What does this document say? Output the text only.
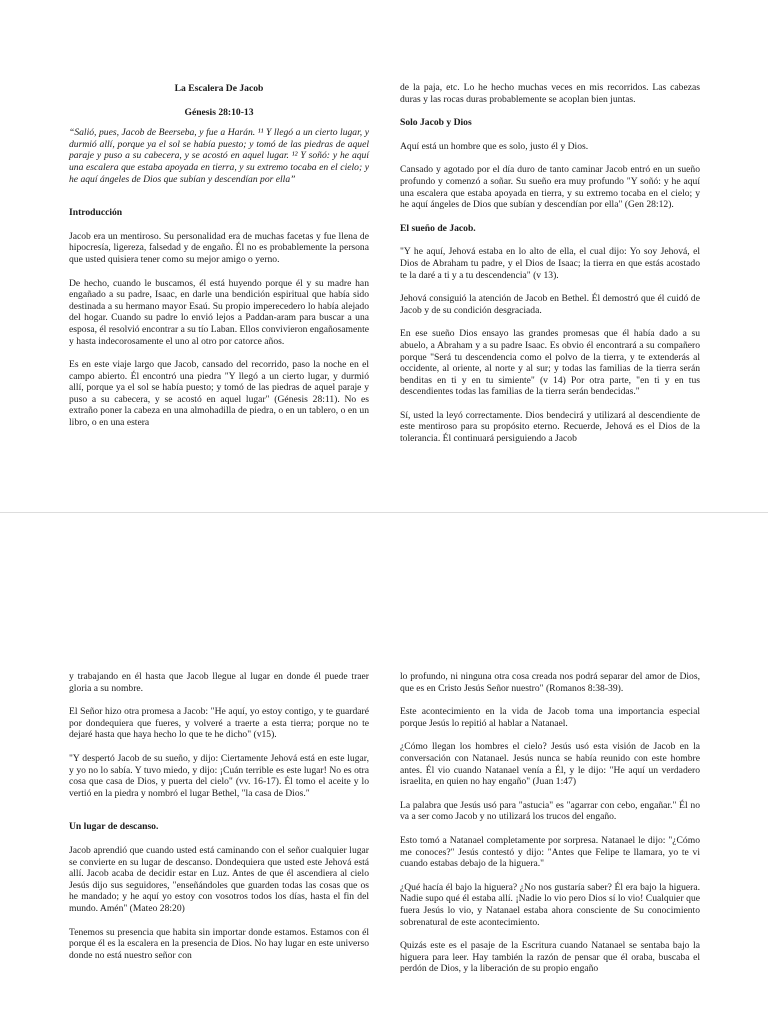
La Escalera De Jacob

Génesis 28:10-13

“Salió, pues, Jacob de Beerseba, y fue a Harán. ¹¹ Y llegó a un cierto lugar, y durmió allí, porque ya el sol se había puesto; y tomó de las piedras de aquel paraje y puso a su cabecera, y se acostó en aquel lugar. ¹² Y soñó: y he aquí una escalera que estaba apoyada en tierra, y su extremo tocaba en el cielo; y he aquí ángeles de Dios que subían y descendían por ella”

Introducción

Jacob era un mentiroso. Su personalidad era de muchas facetas y fue llena de hipocresía, ligereza, falsedad y de engaño. Él no es probablemente la persona que usted quisiera tener como su mejor amigo o yerno.

De hecho, cuando le buscamos, él está huyendo porque él y su madre han engañado a su padre, Isaac, en darle una bendición espiritual que había sido destinada a su hermano mayor Esaú. Su propio imperecedero lo había alejado del hogar. Cuando su padre lo envió lejos a Paddan-aram para buscar a una esposa, él resolvió encontrar a su tío Laban. Ellos convivieron engañosamente y hasta indecorosamente el uno al otro por catorce años.

Es en este viaje largo que Jacob, cansado del recorrido, paso la noche en el campo abierto. Él encontró una piedra "Y llegó a un cierto lugar, y durmió allí, porque ya el sol se había puesto; y tomó de las piedras de aquel paraje y puso a su cabecera, y se acostó en aquel lugar" (Génesis 28:11). No es extraño poner la cabeza en una almohadilla de piedra, o en un tablero, o en un libro, o en una estera

de la paja, etc. Lo he hecho muchas veces en mis recorridos. Las cabezas duras y las rocas duras probablemente se acoplan bien juntas.

Solo Jacob y Dios

Aquí está un hombre que es solo, justo él y Dios.

Cansado y agotado por el día duro de tanto caminar Jacob entró en un sueño profundo y comenzó a soñar. Su sueño era muy profundo "Y soñó: y he aquí una escalera que estaba apoyada en tierra, y su extremo tocaba en el cielo; y he aquí ángeles de Dios que subían y descendían por ella" (Gen 28:12).

El sueño de Jacob.

"Y he aquí, Jehová estaba en lo alto de ella, el cual dijo: Yo soy Jehová, el Dios de Abraham tu padre, y el Dios de Isaac; la tierra en que estás acostado te la daré a ti y a tu descendencia" (v 13).

Jehová consiguió la atención de Jacob en Bethel. Él demostró que él cuidó de Jacob y de su condición desgraciada.

En ese sueño Dios ensayo las grandes promesas que él había dado a su abuelo, a Abraham y a su padre Isaac. Es obvio él encontrará a su compañero porque "Será tu descendencia como el polvo de la tierra, y te extenderás al occidente, al oriente, al norte y al sur; y todas las familias de la tierra serán benditas en ti y en tu simiente" (v 14) Por otra parte, "en ti y en tus descendientes todas las familias de la tierra serán bendecidas."

Sí, usted la leyó correctamente. Dios bendecirá y utilizará al descendiente de este mentiroso para su propósito eterno. Recuerde, Jehová es el Dios de la tolerancia. Él continuará persiguiendo a Jacob

y trabajando en él hasta que Jacob llegue al lugar en donde él puede traer gloria a su nombre.

El Señor hizo otra promesa a Jacob: "He aquí, yo estoy contigo, y te guardaré por dondequiera que fueres, y volveré a traerte a esta tierra; porque no te dejaré hasta que haya hecho lo que te he dicho" (v15).

"Y despertó Jacob de su sueño, y dijo: Ciertamente Jehová está en este lugar, y yo no lo sabía. Y tuvo miedo, y dijo: ¡Cuán terrible es este lugar! No es otra cosa que casa de Dios, y puerta del cielo" (vv. 16-17). Él tomo el aceite y lo vertió en la piedra y nombró el lugar Bethel, "la casa de Dios."

Un lugar de descanso.

Jacob aprendió que cuando usted está caminando con el señor cualquier lugar se convierte en su lugar de descanso. Dondequiera que usted este Jehová está allí. Jacob acaba de decidir estar en Luz. Antes de que él ascendiera al cielo Jesús dijo sus seguidores, "enseñándoles que guarden todas las cosas que os he mandado; y he aquí yo estoy con vosotros todos los días, hasta el fin del mundo. Amén" (Mateo 28:20)

Tenemos su presencia que habita sin importar donde estamos. Estamos con él porque él es la escalera en la presencia de Dios. No hay lugar en este universo donde no está nuestro señor con

lo profundo, ni ninguna otra cosa creada nos podrá separar del amor de Dios, que es en Cristo Jesús Señor nuestro" (Romanos 8:38-39).

Este acontecimiento en la vida de Jacob toma una importancia especial porque Jesús lo repitió al hablar a Natanael.

¿Cómo llegan los hombres el cielo? Jesús usó esta visión de Jacob en la conversación con Natanael. Jesús nunca se había reunido con este hombre antes. Él vio cuando Natanael venía a Él, y le dijo: "He aquí un verdadero israelita, en quien no hay engaño" (Juan 1:47)

La palabra que Jesús usó para "astucia" es "agarrar con cebo, engañar." Él no va a ser como Jacob y no utilizará los trucos del engaño.

Esto tomó a Natanael completamente por sorpresa. Natanael le dijo: "¿Cómo me conoces?" Jesús contestó y dijo: "Antes que Felipe te llamara, yo te vi cuando estabas debajo de la higuera."

¿Qué hacía él bajo la higuera? ¿No nos gustaría saber? Él era bajo la higuera. Nadie supo qué él estaba allí. ¡Nadie lo vio pero Dios sí lo vio! Cualquier que fuera Jesús lo vio, y Natanael estaba ahora consciente de Su conocimiento sobrenatural de este acontecimiento.

Quizás este es el pasaje de la Escritura cuando Natanael se sentaba bajo la higuera para leer. Hay también la razón de pensar que él oraba, buscaba el perdón de Dios, y la liberación de su propio engaño
